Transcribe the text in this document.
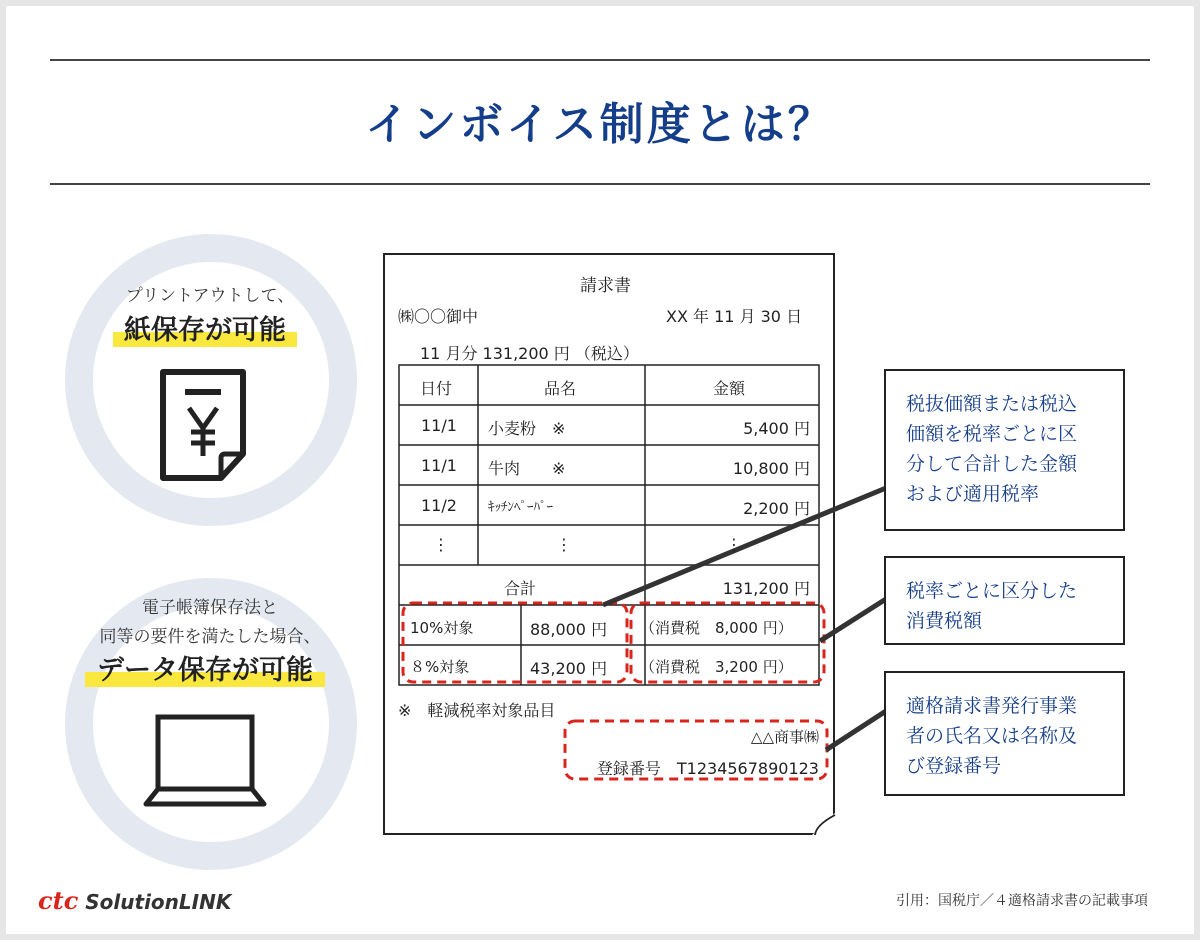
インボイス制度とは？
プリントアウトして、
紙保存が可能
電子帳簿保存法と
同等の要件を満たした場合、
データ保存が可能
請求書
㈱〇〇御中	XX 年 11 月 30 日
11 月分 131,200 円 （税込）
日付	品名	金額
11/1 小麦粉　※	5,400 円
11/1 牛肉　　※	10,800 円
11/2 ｷｯﾁﾝﾍﾟｰﾊﾟｰ	2,200 円
⋮	⋮	⋮
合計	131,200 円
10%対象	88,000 円 （消費税　8,000 円）
８%対象	43,200 円 （消費税　3,200 円）
※　軽減税率対象品目
△△商事㈱
登録番号　T1234567890123
税抜価額または税込
価額を税率ごとに区
分して合計した金額
および適用税率
税率ごとに区分した
消費税額
適格請求書発行事業
者の氏名又は名称及
び登録番号
ctc SolutionLINK	引用：国税庁／４適格請求書の記載事項
